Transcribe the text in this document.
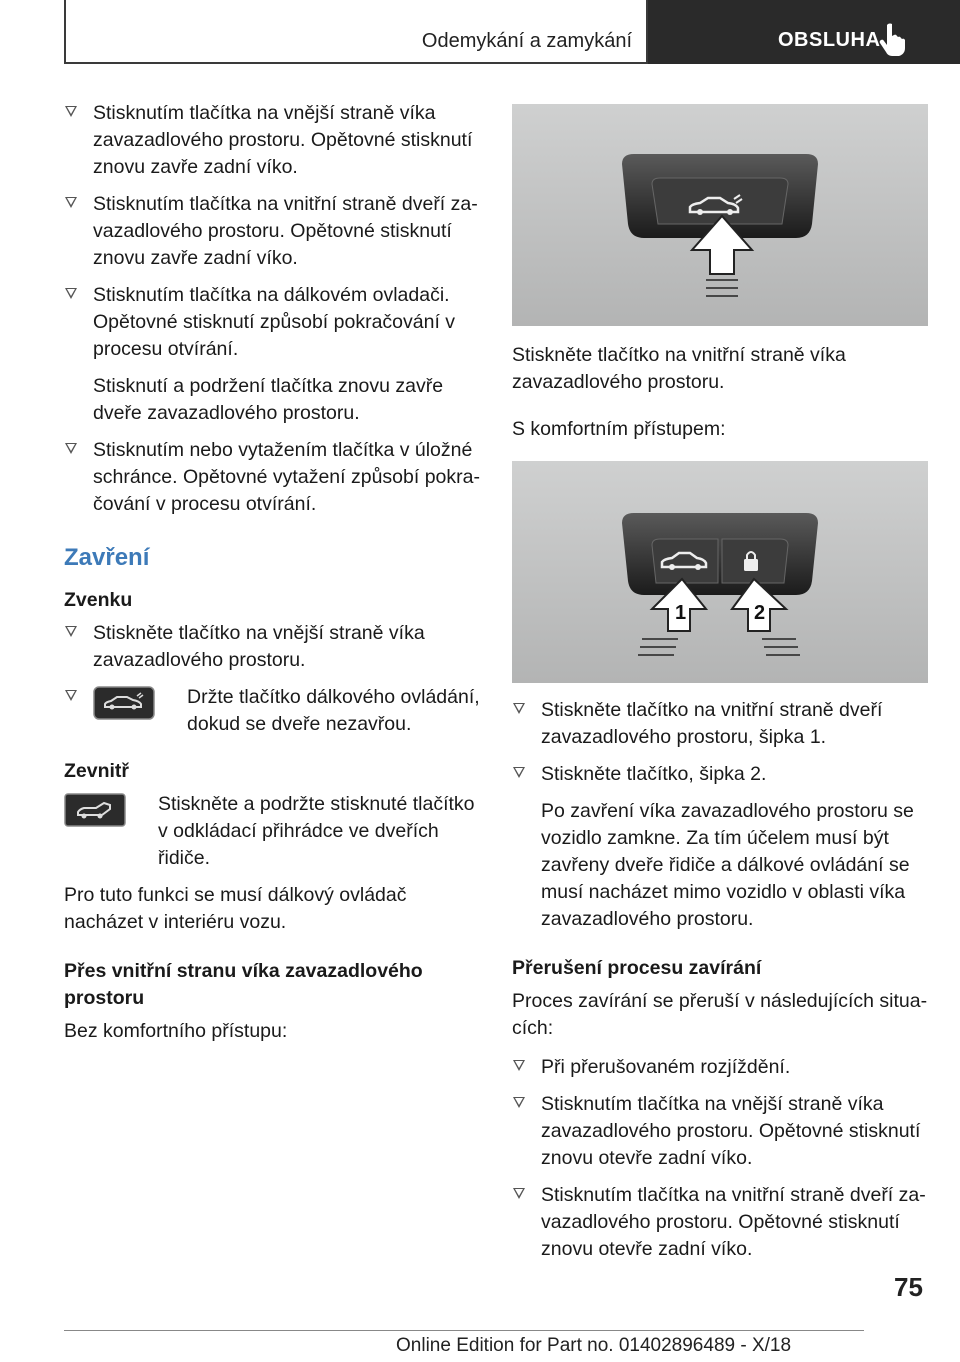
Odemykání a zamykání	OBSLUHA
Stisknutím tlačítka na vnější straně víka zavazadlového prostoru. Opětovné stisknutí znovu zavře zadní víko.
Stisknutím tlačítka na vnitřní straně dveří zavazadlového prostoru. Opětovné stisknutí znovu zavře zadní víko.
Stisknutím tlačítka na dálkovém ovladači. Opětovné stisknutí způsobí pokračování v procesu otvírání.
Stisknutí a podržení tlačítka znovu zavře dveře zavazadlového prostoru.
Stisknutím nebo vytažením tlačítka v úložné schránce. Opětovné vytažení způsobí pokračování v procesu otvírání.
Zavření
Zvenku
Stiskněte tlačítko na vnější straně víka zavazadlového prostoru.
Držte tlačítko dálkového ovládání, dokud se dveře nezavřou.
Zevnitř
Stiskněte a podržte stisknuté tlačítko v odkládací přihrádce ve dveřích řidiče.

Pro tuto funkci se musí dálkový ovládač nacházet v interiéru vozu.

Přes vnitřní stranu víka zavazadlového prostoru

Bez komfortního přístupu:

Stiskněte tlačítko na vnitřní straně víka zavazadlového prostoru.

S komfortním přístupem:

1	2
Stiskněte tlačítko na vnitřní straně dveří zavazadlového prostoru, šipka 1.
Stiskněte tlačítko, šipka 2.
Po zavření víka zavazadlového prostoru se vozidlo zamkne. Za tím účelem musí být zavřeny dveře řidiče a dálkové ovládání se musí nacházet mimo vozidlo v oblasti víka zavazadlového prostoru.
Přerušení procesu zavírání

Proces zavírání se přeruší v následujících situacích:

Při přerušovaném rozjíždění.
Stisknutím tlačítka na vnější straně víka zavazadlového prostoru. Opětovné stisknutí znovu otevře zadní víko.
Stisknutím tlačítka na vnitřní straně dveří zavazadlového prostoru. Opětovné stisknutí znovu otevře zadní víko.
75
Online Edition for Part no. 01402896489 - X/18
